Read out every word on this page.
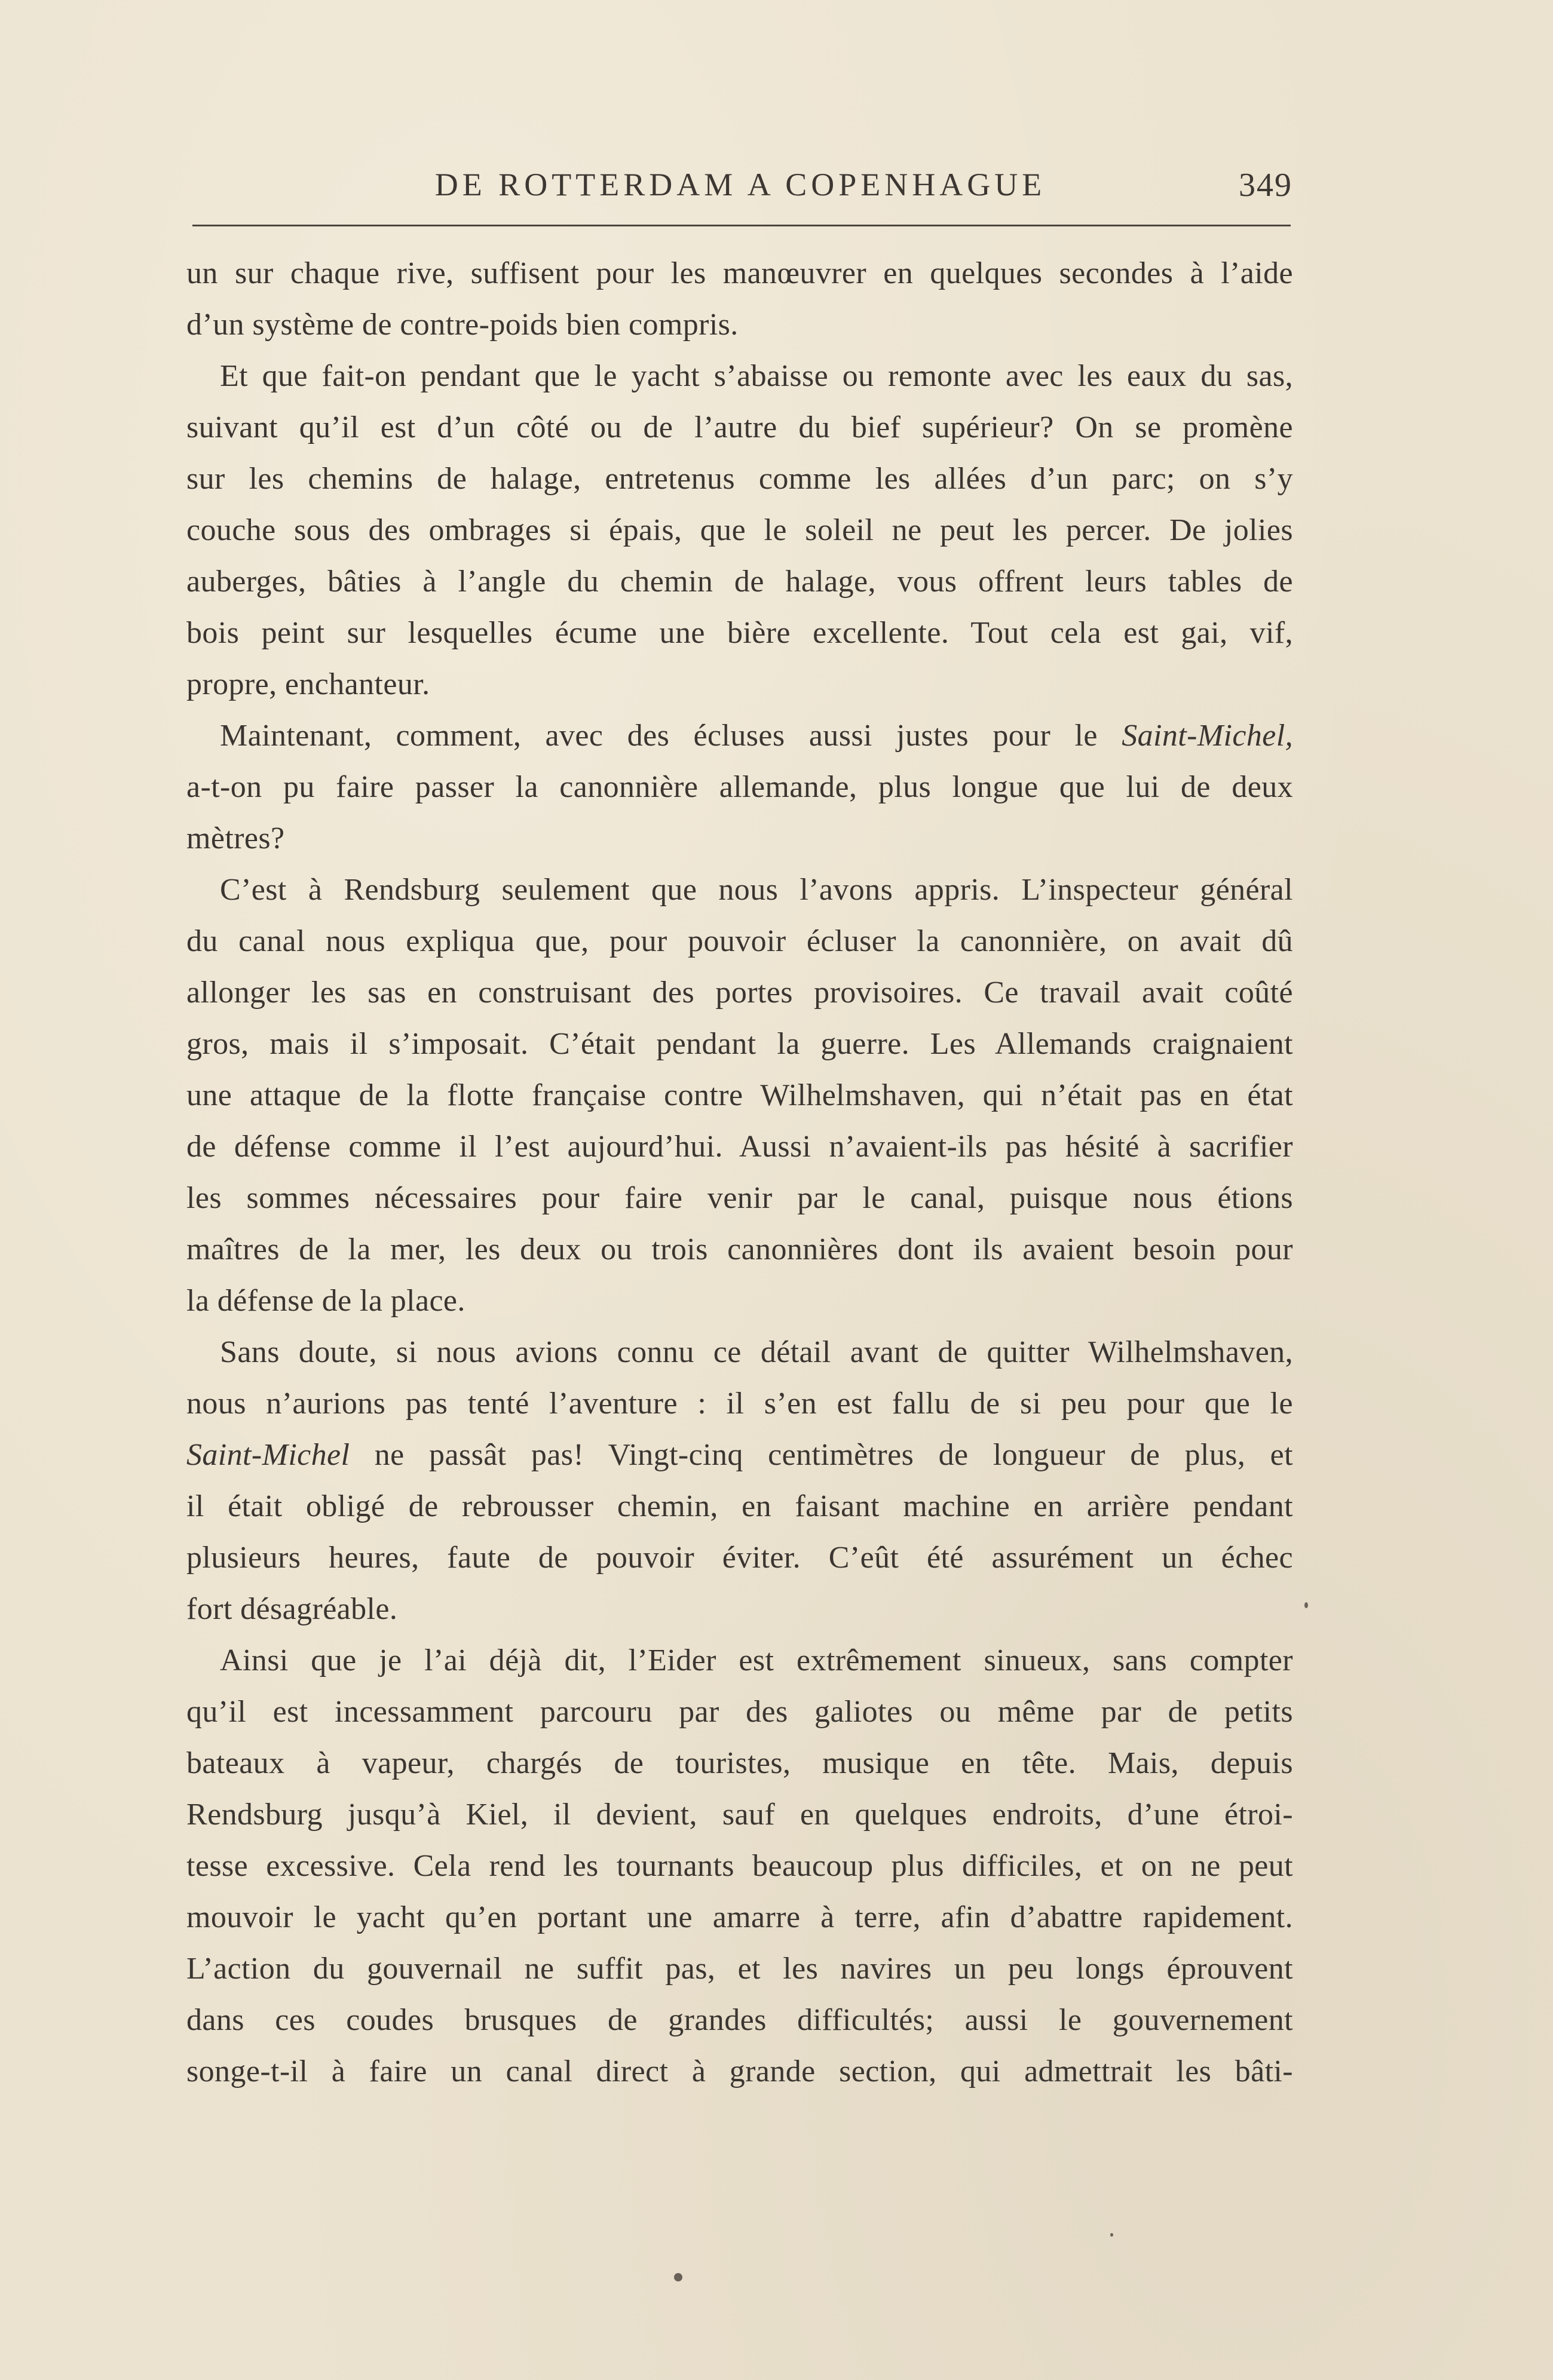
DE ROTTERDAM A COPENHAGUE	349
un sur chaque rive, suffisent pour les manœuvrer en quelques secondes à l’aide
d’un système de contre-poids bien compris.
Et que fait-on pendant que le yacht s’abaisse ou remonte avec les eaux du sas,
suivant qu’il est d’un côté ou de l’autre du bief supérieur? On se promène
sur les chemins de halage, entretenus comme les allées d’un parc; on s’y
couche sous des ombrages si épais, que le soleil ne peut les percer. De jolies
auberges, bâties à l’angle du chemin de halage, vous offrent leurs tables de
bois peint sur lesquelles écume une bière excellente. Tout cela est gai, vif,
propre, enchanteur.
Maintenant, comment, avec des écluses aussi justes pour le Saint-Michel,
a-t-on pu faire passer la canonnière allemande, plus longue que lui de deux
mètres?
C’est à Rendsburg seulement que nous l’avons appris. L’inspecteur général
du canal nous expliqua que, pour pouvoir écluser la canonnière, on avait dû
allonger les sas en construisant des portes provisoires. Ce travail avait coûté
gros, mais il s’imposait. C’était pendant la guerre. Les Allemands craignaient
une attaque de la flotte française contre Wilhelmshaven, qui n’était pas en état
de défense comme il l’est aujourd’hui. Aussi n’avaient-ils pas hésité à sacrifier
les sommes nécessaires pour faire venir par le canal, puisque nous étions
maîtres de la mer, les deux ou trois canonnières dont ils avaient besoin pour
la défense de la place.
Sans doute, si nous avions connu ce détail avant de quitter Wilhelmshaven,
nous n’aurions pas tenté l’aventure : il s’en est fallu de si peu pour que le
Saint-Michel ne passât pas! Vingt-cinq centimètres de longueur de plus, et
il était obligé de rebrousser chemin, en faisant machine en arrière pendant
plusieurs heures, faute de pouvoir éviter. C’eût été assurément un échec
fort désagréable.
Ainsi que je l’ai déjà dit, l’Eider est extrêmement sinueux, sans compter
qu’il est incessamment parcouru par des galiotes ou même par de petits
bateaux à vapeur, chargés de touristes, musique en tête. Mais, depuis
Rendsburg jusqu’à Kiel, il devient, sauf en quelques endroits, d’une étroi-
tesse excessive. Cela rend les tournants beaucoup plus difficiles, et on ne peut
mouvoir le yacht qu’en portant une amarre à terre, afin d’abattre rapidement.
L’action du gouvernail ne suffit pas, et les navires un peu longs éprouvent
dans ces coudes brusques de grandes difficultés; aussi le gouvernement
songe-t-il à faire un canal direct à grande section, qui admettrait les bâti-
